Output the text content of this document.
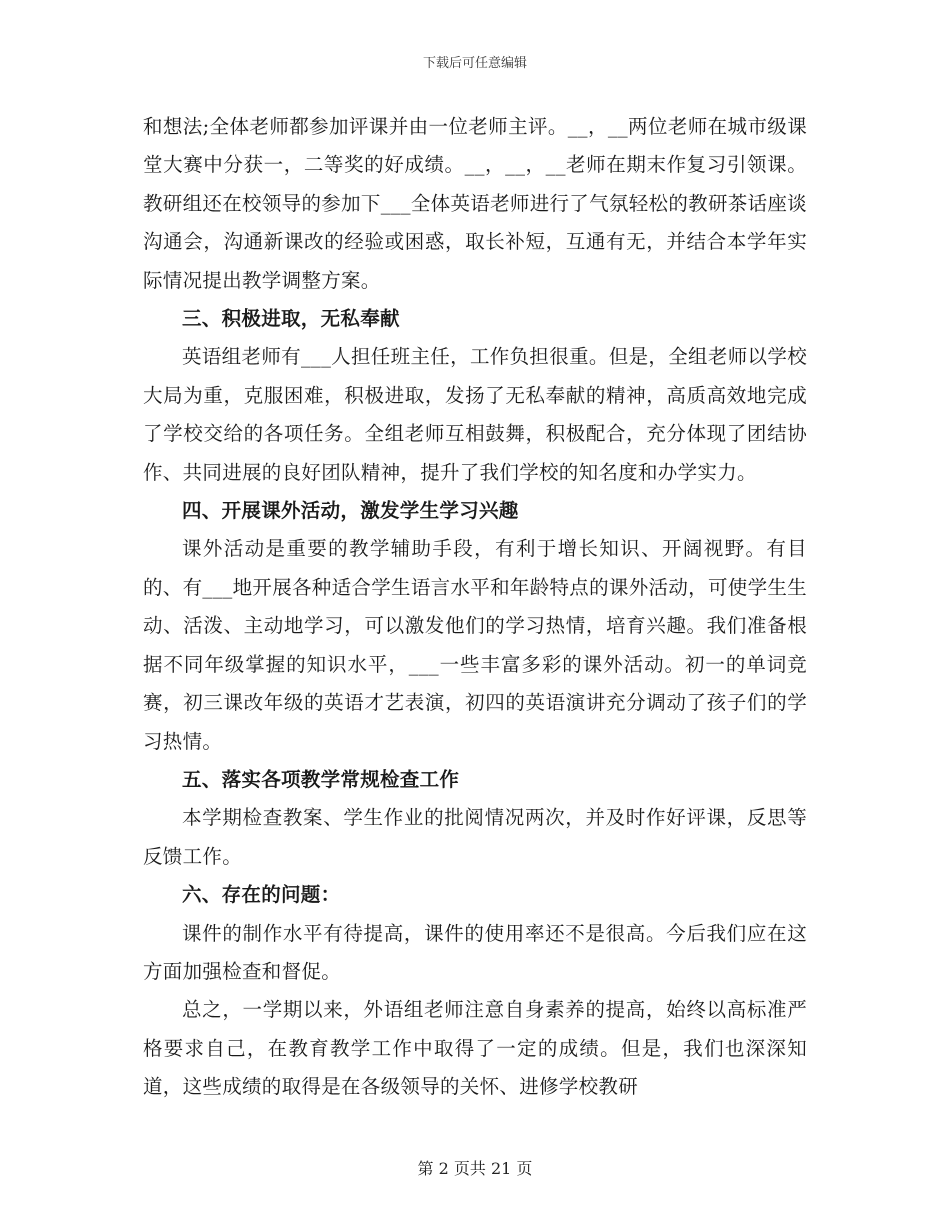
下载后可任意编辑

和想法;全体老师都参加评课并由一位老师主评。__，__两位老师在城市级课堂大赛中分获一，二等奖的好成绩。__，__，__老师在期末作复习引领课。教研组还在校领导的参加下___全体英语老师进行了气氛轻松的教研茶话座谈沟通会，沟通新课改的经验或困惑，取长补短，互通有无，并结合本学年实际情况提出教学调整方案。

三、积极进取，无私奉献

英语组老师有___人担任班主任，工作负担很重。但是，全组老师以学校大局为重，克服困难，积极进取，发扬了无私奉献的精神，高质高效地完成了学校交给的各项任务。全组老师互相鼓舞，积极配合，充分体现了团结协作、共同进展的良好团队精神，提升了我们学校的知名度和办学实力。

四、开展课外活动，激发学生学习兴趣

课外活动是重要的教学辅助手段，有利于增长知识、开阔视野。有目的、有___地开展各种适合学生语言水平和年龄特点的课外活动，可使学生生动、活泼、主动地学习，可以激发他们的学习热情，培育兴趣。我们准备根据不同年级掌握的知识水平，___一些丰富多彩的课外活动。初一的单词竞赛，初三课改年级的英语才艺表演，初四的英语演讲充分调动了孩子们的学习热情。

五、落实各项教学常规检查工作

本学期检查教案、学生作业的批阅情况两次，并及时作好评课，反思等反馈工作。

六、存在的问题：

课件的制作水平有待提高，课件的使用率还不是很高。今后我们应在这方面加强检查和督促。

总之，一学期以来，外语组老师注意自身素养的提高，始终以高标准严格要求自己，在教育教学工作中取得了一定的成绩。但是，我们也深深知道，这些成绩的取得是在各级领导的关怀、进修学校教研

第 2 页共 21 页
